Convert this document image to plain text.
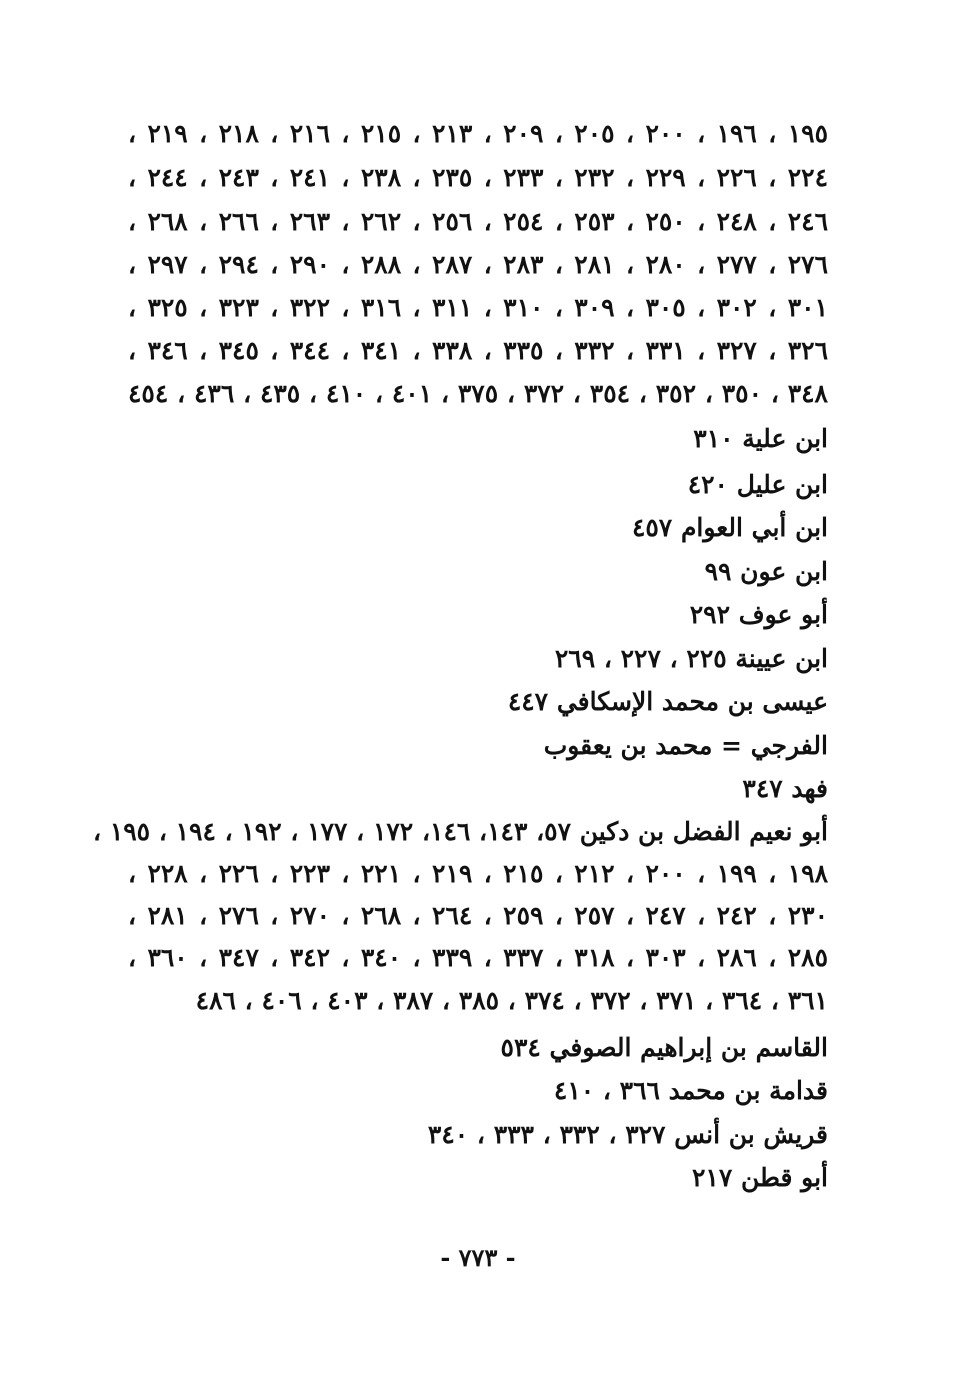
١٩٥ ، ١٩٦ ، ٢٠٠ ، ٢٠٥ ، ٢٠٩ ، ٢١٣ ، ٢١٥ ، ٢١٦ ، ٢١٨ ، ٢١٩ ،
٢٢٤ ، ٢٢٦ ، ٢٢٩ ، ٢٣٢ ، ٢٣٣ ، ٢٣٥ ، ٢٣٨ ، ٢٤١ ، ٢٤٣ ، ٢٤٤ ،
٢٤٦ ، ٢٤٨ ، ٢٥٠ ، ٢٥٣ ، ٢٥٤ ، ٢٥٦ ، ٢٦٢ ، ٢٦٣ ، ٢٦٦ ، ٢٦٨ ،
٢٧٦ ، ٢٧٧ ، ٢٨٠ ، ٢٨١ ، ٢٨٣ ، ٢٨٧ ، ٢٨٨ ، ٢٩٠ ، ٢٩٤ ، ٢٩٧ ،
٣٠١ ، ٣٠٢ ، ٣٠٥ ، ٣٠٩ ، ٣١٠ ، ٣١١ ، ٣١٦ ، ٣٢٢ ، ٣٢٣ ، ٣٢٥ ،
٣٢٦ ، ٣٢٧ ، ٣٣١ ، ٣٣٢ ، ٣٣٥ ، ٣٣٨ ، ٣٤١ ، ٣٤٤ ، ٣٤٥ ، ٣٤٦ ،
٣٤٨ ، ٣٥٠ ، ٣٥٢ ، ٣٥٤ ، ٣٧٢ ، ٣٧٥ ، ٤٠١ ، ٤١٠ ، ٤٣٥ ، ٤٣٦ ، ٤٥٤
ابن علية ٣١٠
ابن عليل ٤٢٠
ابن أبي العوام ٤٥٧
ابن عون ٩٩
أبو عوف ٢٩٢
ابن عيينة ٢٢٥ ، ٢٢٧ ، ٢٦٩
عيسى بن محمد الإسكافي ٤٤٧
الفرجي = محمد بن يعقوب
فهد ٣٤٧
أبو نعيم الفضل بن دكين ٥٧، ١٤٣، ١٤٦، ١٧٢ ، ١٧٧ ، ١٩٢ ، ١٩٤ ، ١٩٥ ،
١٩٨ ، ١٩٩ ، ٢٠٠ ، ٢١٢ ، ٢١٥ ، ٢١٩ ، ٢٢١ ، ٢٢٣ ، ٢٢٦ ، ٢٢٨ ،
٢٣٠ ، ٢٤٢ ، ٢٤٧ ، ٢٥٧ ، ٢٥٩ ، ٢٦٤ ، ٢٦٨ ، ٢٧٠ ، ٢٧٦ ، ٢٨١ ،
٢٨٥ ، ٢٨٦ ، ٣٠٣ ، ٣١٨ ، ٣٣٧ ، ٣٣٩ ، ٣٤٠ ، ٣٤٢ ، ٣٤٧ ، ٣٦٠ ،
٣٦١ ، ٣٦٤ ، ٣٧١ ، ٣٧٢ ، ٣٧٤ ، ٣٨٥ ، ٣٨٧ ، ٤٠٣ ، ٤٠٦ ، ٤٨٦
القاسم بن إبراهيم الصوفي ٥٣٤
قدامة بن محمد ٣٦٦ ، ٤١٠
قريش بن أنس ٣٢٧ ، ٣٣٢ ، ٣٣٣ ، ٣٤٠
أبو قطن ٢١٧
- ٧٧٣ -
